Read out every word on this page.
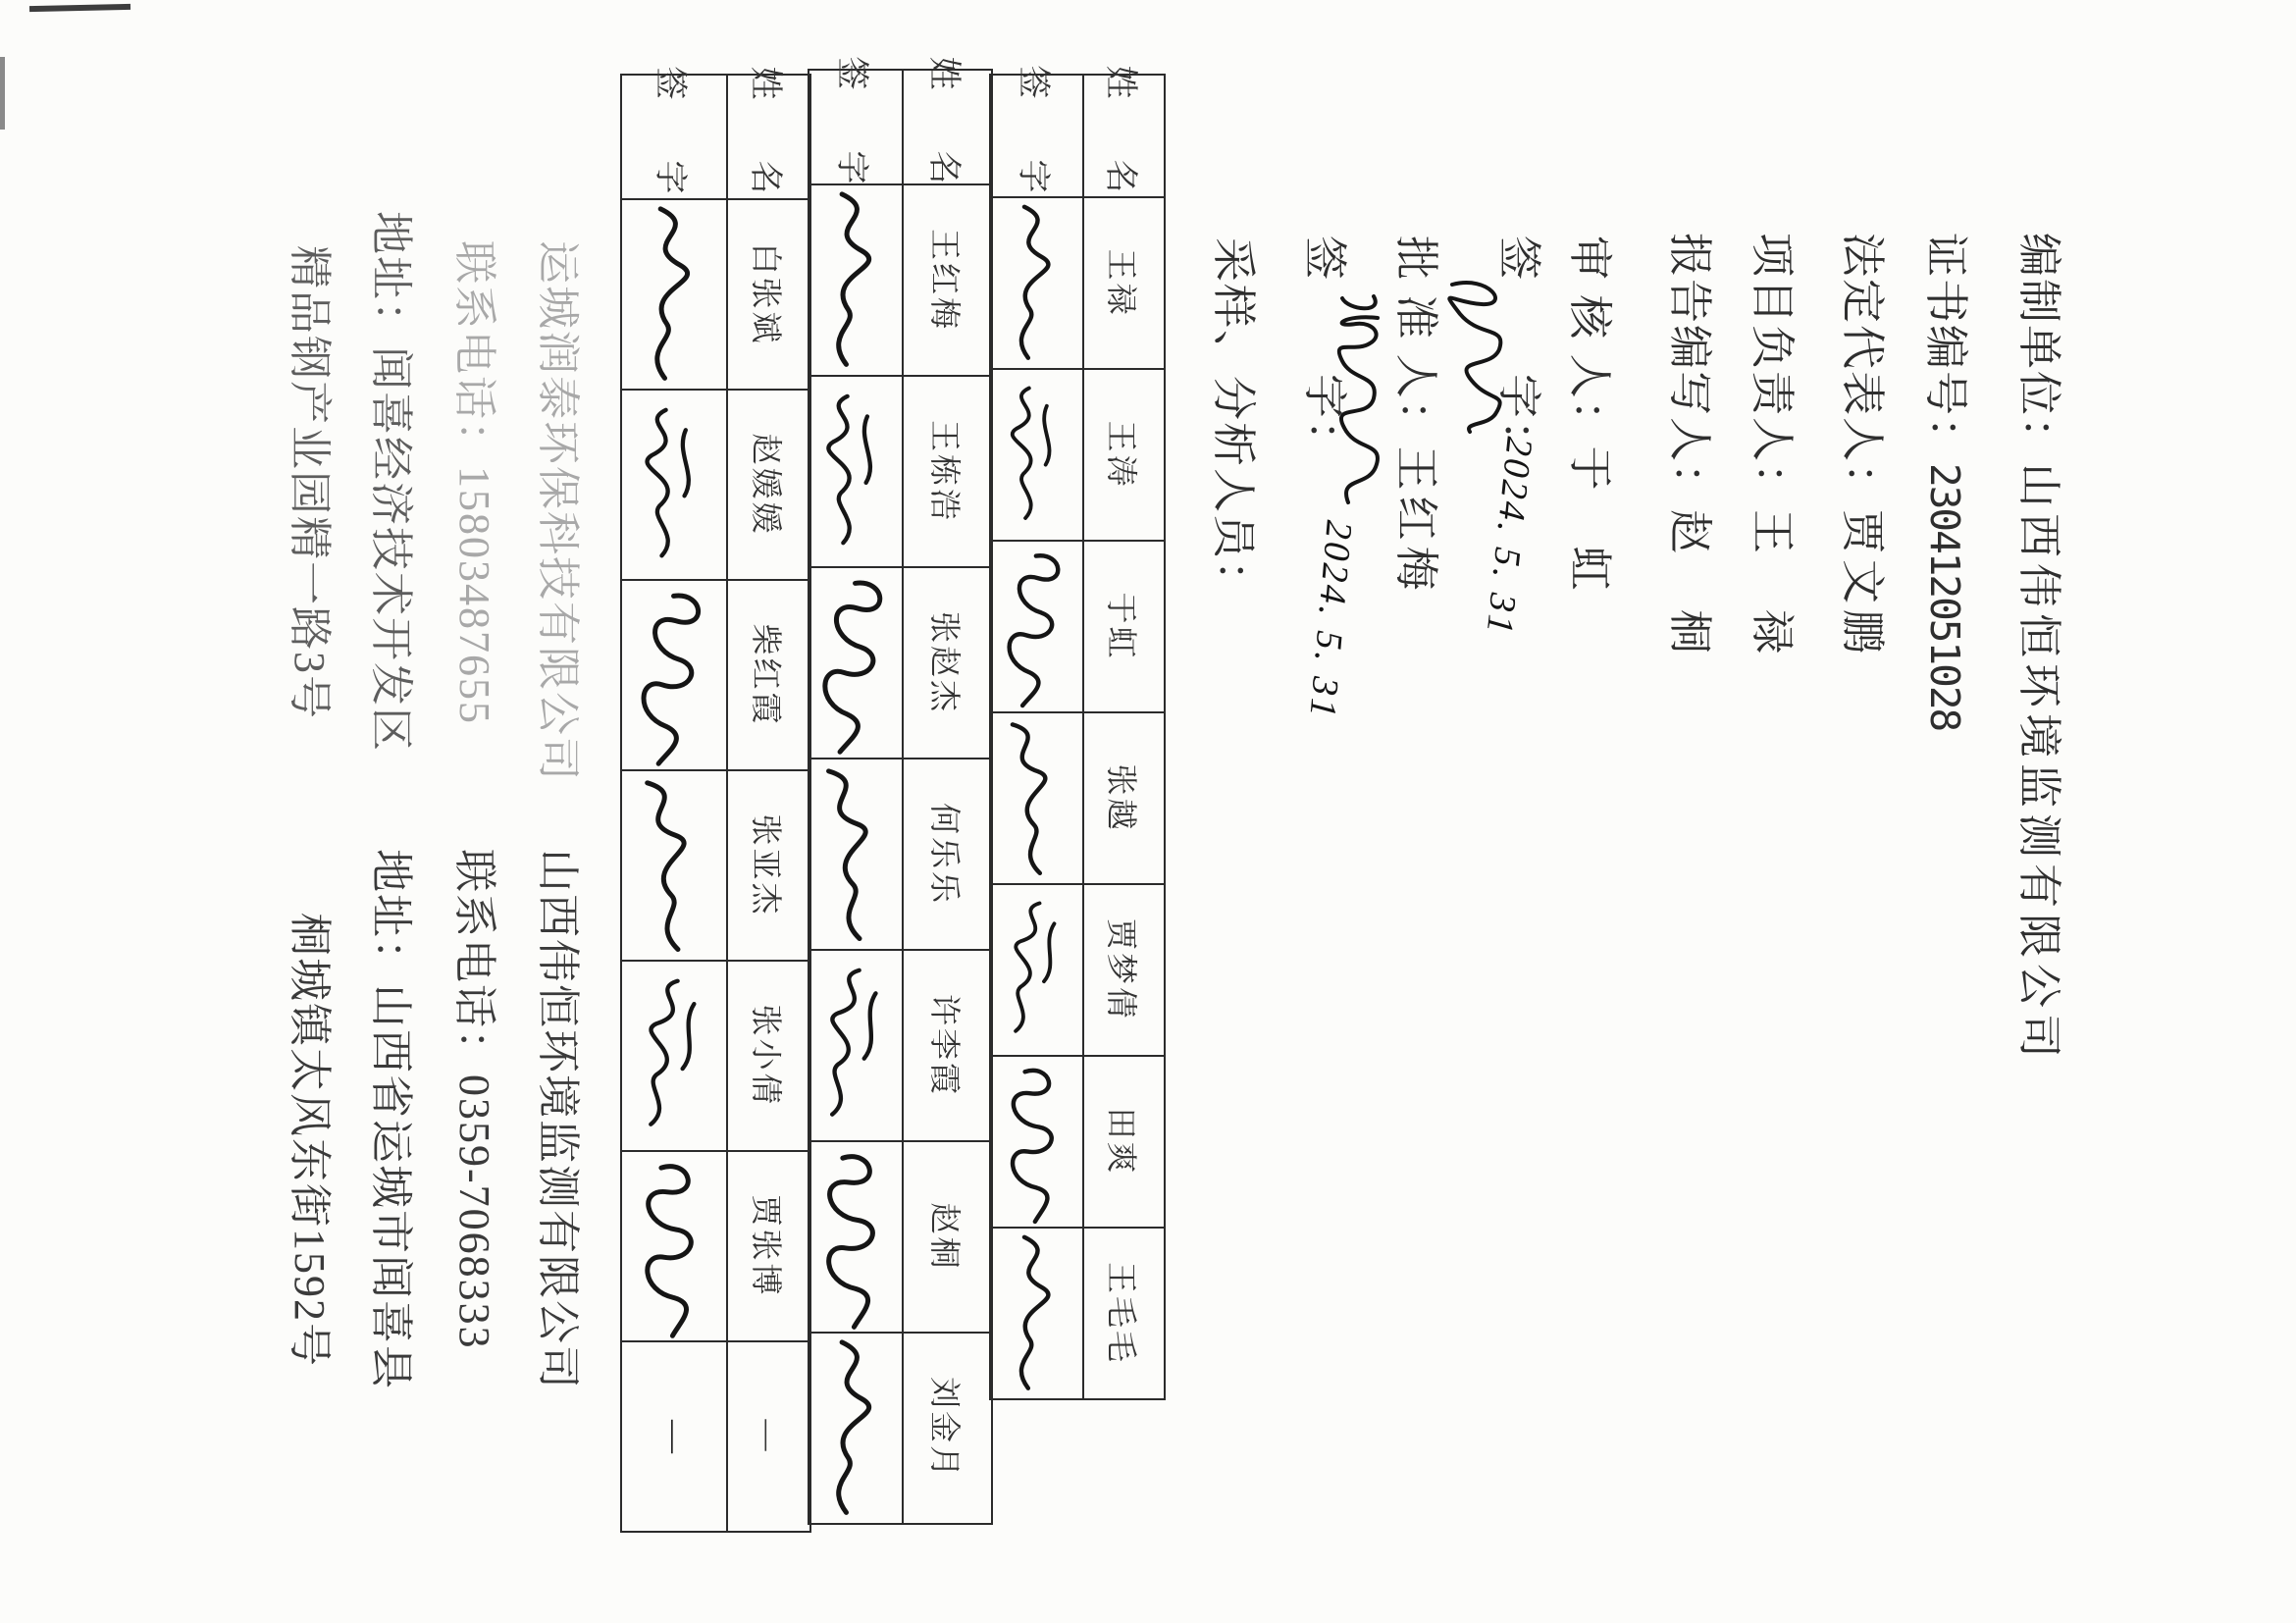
编制单位：山西伟恒环境监测有限公司
证书编号：230412051028
法定代表人：贾文鹏
项目负责人：王　禄
报告编写人：赵　桐
审 核 人：于　虹
签　　字：
批 准 人：王红梅
签　　字：
采样、分析人员：	2024. 5. 31
2024. 5. 31
姓　名
王禄
王涛
于虹
张越
贾梦倩
田爽
王毛毛
签　字
姓　名
王红梅
王栋浩
张赵杰
何乐乐
许李霞
赵桐
刘金月
签　字
姓　名
白张斌
赵媛媛
柴红霞
张亚杰
张小倩
贾张博
—
签　字
—
运城润泰环保科技有限公司
山西伟恒环境监测有限公司
联系电话：15803487655
联系电话：0359-7068333
地址：闻喜经济技术开发区
地址：山西省运城市闻喜县
精品钢产业园精一路3号
桐城镇太风东街1592号
